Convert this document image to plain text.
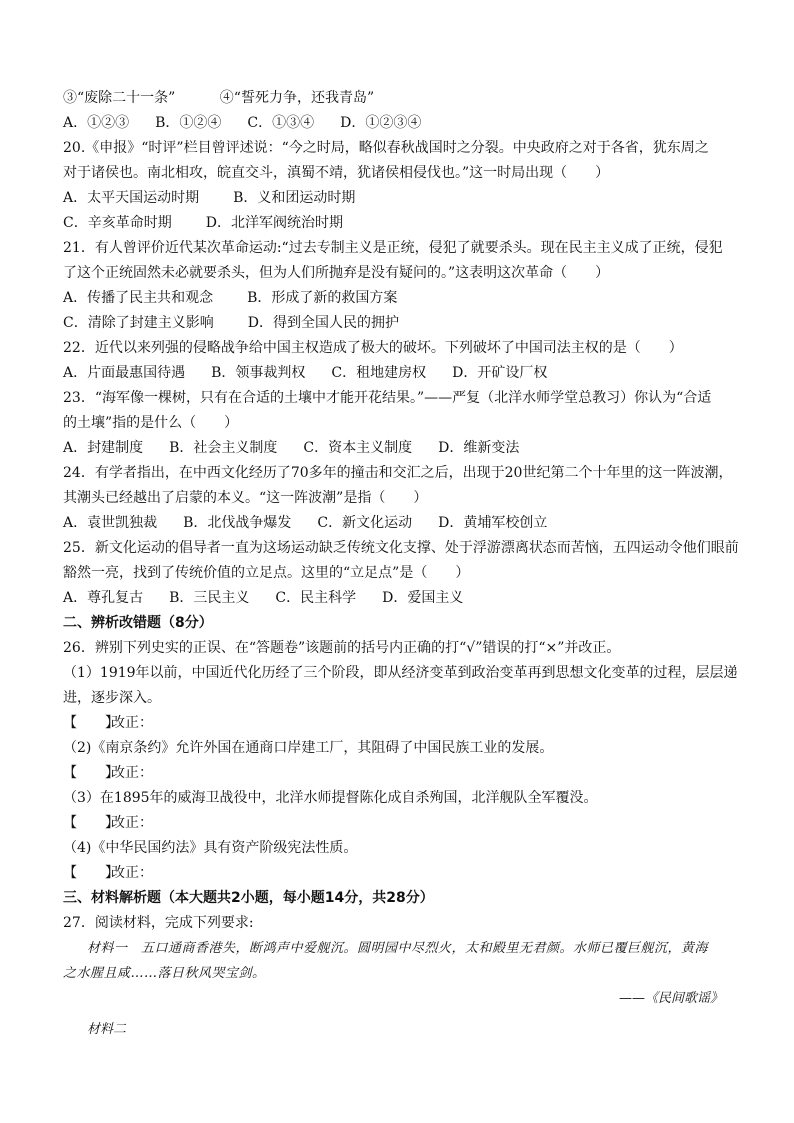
③“废除二十一条”	④“誓死力争，还我青岛”
A．①②③ B．①②④ C．①③④ D．①②③④
20.《申报》“时评”栏目曾评述说：“今之时局，略似春秋战国时之分裂。中央政府之对于各省，犹东周之
对于诸侯也。南北相攻，皖直交斗，滇蜀不靖，犹诸侯相侵伐也。”这一时局出现（　　）
A．太平天国运动时期 B．义和团运动时期
C．辛亥革命时期 D．北洋军阀统治时期
21．有人曾评价近代某次革命运动:“过去专制主义是正统，侵犯了就要杀头。现在民主主义成了正统，侵犯
了这个正统固然未必就要杀头，但为人们所抛弃是没有疑问的。”这表明这次革命（　　）
A．传播了民主共和观念 B．形成了新的救国方案
C．清除了封建主义影响 D．得到全国人民的拥护
22．近代以来列强的侵略战争给中国主权造成了极大的破坏。下列破坏了中国司法主权的是（　　）
A．片面最惠国待遇 B．领事裁判权 C．租地建房权 D．开矿设厂权
23．“海军像一棵树，只有在合适的土壤中才能开花结果。”——严复（北洋水师学堂总教习）你认为“合适
的土壤”指的是什么（　　）
A．封建制度 B．社会主义制度 C．资本主义制度 D．维新变法
24．有学者指出，在中西文化经历了70多年的撞击和交汇之后，出现于20世纪第二个十年里的这一阵波潮，
其潮头已经越出了启蒙的本义。“这一阵波潮”是指（　　）
A．袁世凯独裁 B．北伐战争爆发 C．新文化运动 D．黄埔军校创立
25．新文化运动的倡导者一直为这场运动缺乏传统文化支撑、处于浮游漂离状态而苦恼，五四运动令他们眼前
豁然一亮，找到了传统价值的立足点。这里的“立足点”是（　　）
A．尊孔复古 B．三民主义 C．民主科学 D．爱国主义
二、辨析改错题（8分）
26．辨别下列史实的正误、在“答题卷”该题前的括号内正确的打“√”错误的打“×”并改正。
（1）1919年以前，中国近代化历经了三个阶段，即从经济变革到政治变革再到思想文化变革的过程，层层递
进，逐步深入。
【　　】
改正：
（2)《南京条约》允许外国在通商口岸建工厂，其阻碍了中国民族工业的发展。
【　　】
改正：
（3）在1895年的威海卫战役中，北洋水师提督陈化成自杀殉国，北洋舰队全军覆没。
【　　】
改正：
（4)《中华民国约法》具有资产阶级宪法性质。
【　　】
改正：
三、材料解析题（本大题共2小题，每小题14分，共28分）
27．阅读材料，完成下列要求:
材料一　五口通商香港失，断鸿声中爱舰沉。圆明园中尽烈火，太和殿里无君颜。水师已覆巨舰沉，黄海
之水腥且咸……落日秋风哭宝剑。
——《民间歌谣》
材料二
